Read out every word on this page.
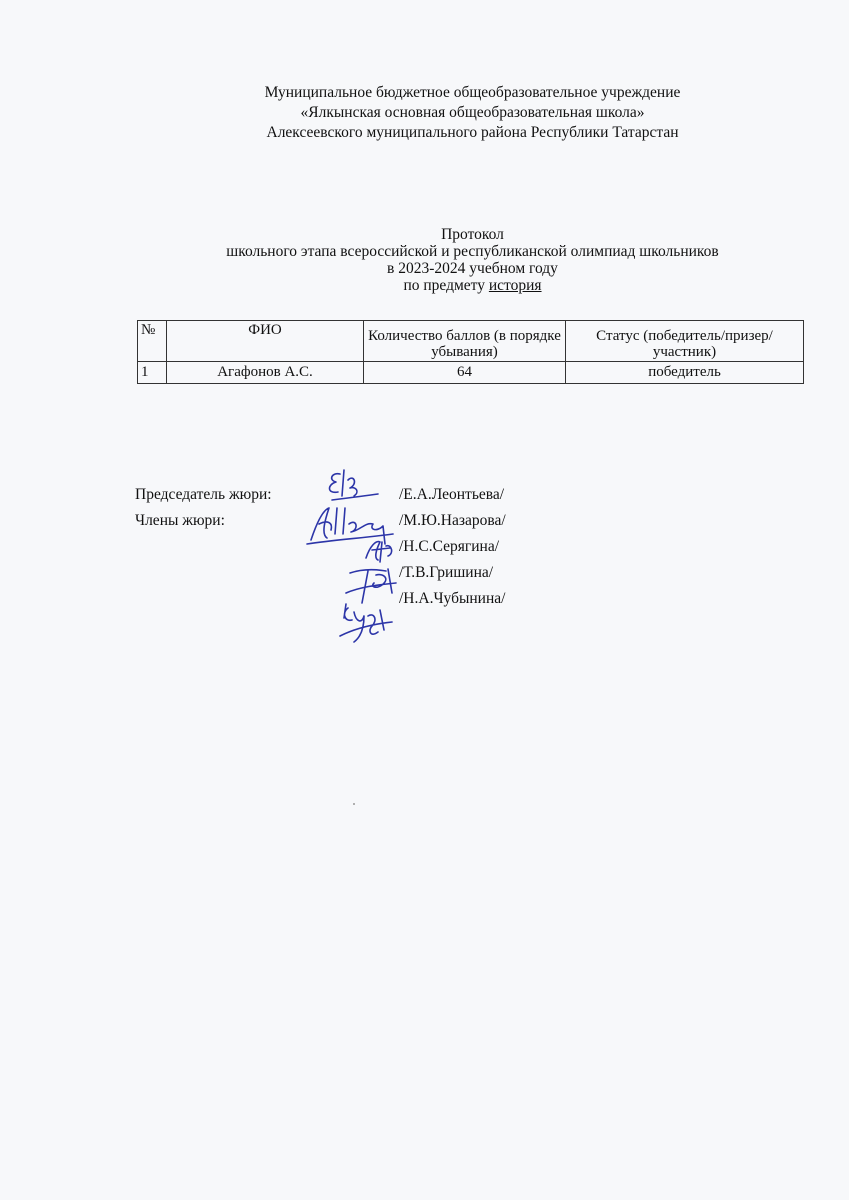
Муниципальное бюджетное общеобразовательное учреждение
«Ялкынская основная общеобразовательная школа»
Алексеевского муниципального района Республики Татарстан
Протокол
школьного этапа всероссийской и республиканской олимпиад школьников
в 2023-2024 учебном году
по предмету история
№	ФИО	Количество баллов (в порядке убывания)	Статус (победитель/призер/участник)
1	Агафонов А.С.	64	победитель
Председатель жюри:	/Е.А.Леонтьева/
Члены жюри:	/М.Ю.Назарова/
/Н.С.Серягина/
/Т.В.Гришина/
/Н.А.Чубынина/
